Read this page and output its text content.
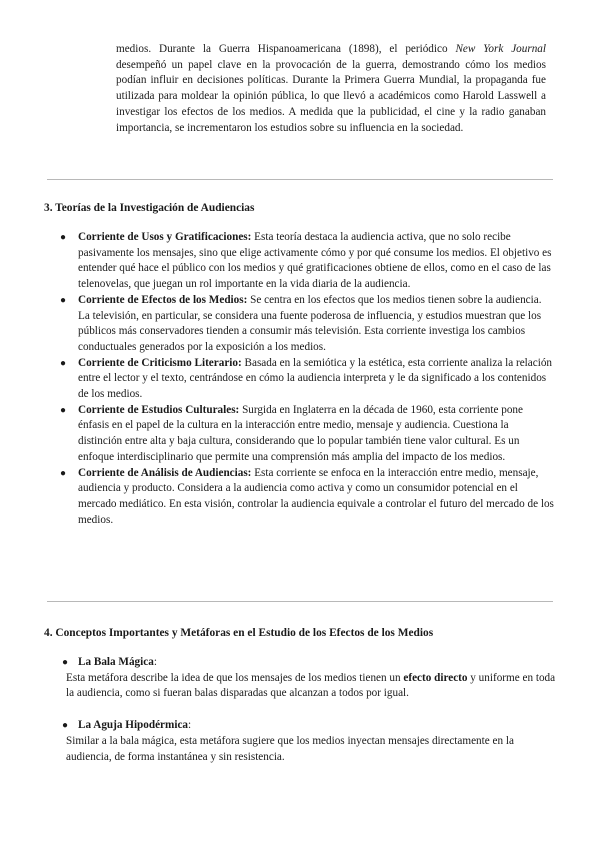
medios. Durante la Guerra Hispanoamericana (1898), el periódico New York Journal desempeñó un papel clave en la provocación de la guerra, demostrando cómo los medios podían influir en decisiones políticas. Durante la Primera Guerra Mundial, la propaganda fue utilizada para moldear la opinión pública, lo que llevó a académicos como Harold Lasswell a investigar los efectos de los medios. A medida que la publicidad, el cine y la radio ganaban importancia, se incrementaron los estudios sobre su influencia en la sociedad.
3. Teorías de la Investigación de Audiencias
● Corriente de Usos y Gratificaciones: Esta teoría destaca la audiencia activa, que no solo recibe pasivamente los mensajes, sino que elige activamente cómo y por qué consume los medios. El objetivo es entender qué hace el público con los medios y qué gratificaciones obtiene de ellos, como en el caso de las telenovelas, que juegan un rol importante en la vida diaria de la audiencia.
● Corriente de Efectos de los Medios: Se centra en los efectos que los medios tienen sobre la audiencia. La televisión, en particular, se considera una fuente poderosa de influencia, y estudios muestran que los públicos más conservadores tienden a consumir más televisión. Esta corriente investiga los cambios conductuales generados por la exposición a los medios.
● Corriente de Criticismo Literario: Basada en la semiótica y la estética, esta corriente analiza la relación entre el lector y el texto, centrándose en cómo la audiencia interpreta y le da significado a los contenidos de los medios.
● Corriente de Estudios Culturales: Surgida en Inglaterra en la década de 1960, esta corriente pone énfasis en el papel de la cultura en la interacción entre medio, mensaje y audiencia. Cuestiona la distinción entre alta y baja cultura, considerando que lo popular también tiene valor cultural. Es un enfoque interdisciplinario que permite una comprensión más amplia del impacto de los medios.
● Corriente de Análisis de Audiencias: Esta corriente se enfoca en la interacción entre medio, mensaje, audiencia y producto. Considera a la audiencia como activa y como un consumidor potencial en el mercado mediático. En esta visión, controlar la audiencia equivale a controlar el futuro del mercado de los medios.
4. Conceptos Importantes y Metáforas en el Estudio de los Efectos de los Medios
● La Bala Mágica:
Esta metáfora describe la idea de que los mensajes de los medios tienen un efecto directo y uniforme en toda la audiencia, como si fueran balas disparadas que alcanzan a todos por igual.
● La Aguja Hipodérmica:
Similar a la bala mágica, esta metáfora sugiere que los medios inyectan mensajes directamente en la audiencia, de forma instantánea y sin resistencia.
